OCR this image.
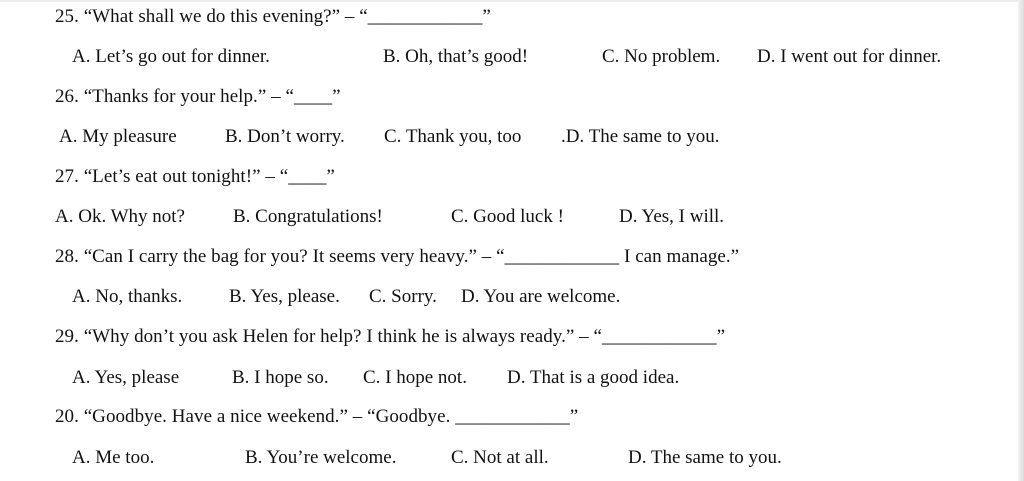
25. “What shall we do this evening?” – “____________”
A. Let’s go out for dinner.	B. Oh, that’s good!	C. No problem. D. I went out for dinner.
26. “Thanks for your help.” – “____”
A. My pleasure	B. Don’t worry. C. Thank you, too .D. The same to you.
27. “Let’s eat out tonight!” – “____”
A. Ok. Why not?	B. Congratulations!	C. Good luck !	D. Yes, I will.
28. “Can I carry the bag for you? It seems very heavy.” – “____________ I can manage.”
A. No, thanks. B. Yes, please. C. Sorry. D. You are welcome.
29. “Why don’t you ask Helen for help? I think he is always ready.” – “____________”
A. Yes, please	B. I hope so. C. I hope not. D. That is a good idea.
20. “Goodbye. Have a nice weekend.” – “Goodbye. ____________”
A. Me too.	B. You’re welcome.	C. Not at all.	D. The same to you.
